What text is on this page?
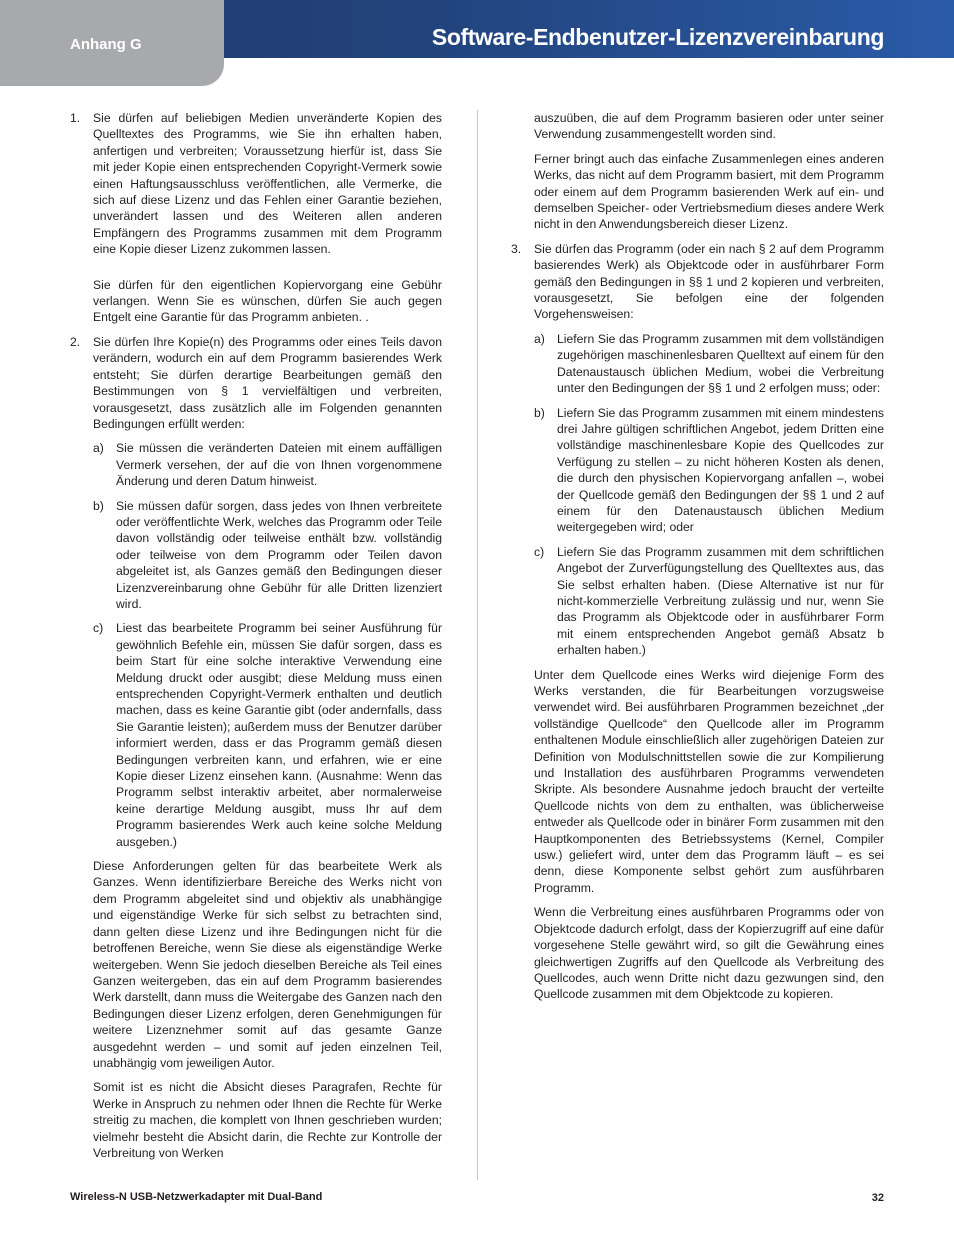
Software-Endbenutzer-Lizenzvereinbarung
Anhang G
1. Sie dürfen auf beliebigen Medien unveränderte Kopien des Quelltextes des Programms, wie Sie ihn erhalten haben, anfertigen und verbreiten; Voraussetzung hierfür ist, dass Sie mit jeder Kopie einen entsprechenden Copyright-Vermerk sowie einen Haftungsausschluss veröffentlichen, alle Vermerke, die sich auf diese Lizenz und das Fehlen einer Garantie beziehen, unverändert lassen und des Weiteren allen anderen Empfängern des Programms zusammen mit dem Programm eine Kopie dieser Lizenz zukommen lassen.

Sie dürfen für den eigentlichen Kopiervorgang eine Gebühr verlangen. Wenn Sie es wünschen, dürfen Sie auch gegen Entgelt eine Garantie für das Programm anbieten. .

2. Sie dürfen Ihre Kopie(n) des Programms oder eines Teils davon verändern, wodurch ein auf dem Programm basierendes Werk entsteht; Sie dürfen derartige Bearbeitungen gemäß den Bestimmungen von § 1 vervielfältigen und verbreiten, vorausgesetzt, dass zusätzlich alle im Folgenden genannten Bedingungen erfüllt werden:

a) Sie müssen die veränderten Dateien mit einem auffälligen Vermerk versehen, der auf die von Ihnen vorgenommene Änderung und deren Datum hinweist.
b) Sie müssen dafür sorgen, dass jedes von Ihnen verbreitete oder veröffentlichte Werk, welches das Programm oder Teile davon vollständig oder teilweise enthält bzw. vollständig oder teilweise von dem Programm oder Teilen davon abgeleitet ist, als Ganzes gemäß den Bedingungen dieser Lizenzvereinbarung ohne Gebühr für alle Dritten lizenziert wird.
c) Liest das bearbeitete Programm bei seiner Ausführung für gewöhnlich Befehle ein, müssen Sie dafür sorgen, dass es beim Start für eine solche interaktive Verwendung eine Meldung druckt oder ausgibt; diese Meldung muss einen entsprechenden Copyright-Vermerk enthalten und deutlich machen, dass es keine Garantie gibt (oder andernfalls, dass Sie Garantie leisten); außerdem muss der Benutzer darüber informiert werden, dass er das Programm gemäß diesen Bedingungen verbreiten kann, und erfahren, wie er eine Kopie dieser Lizenz einsehen kann. (Ausnahme: Wenn das Programm selbst interaktiv arbeitet, aber normalerweise keine derartige Meldung ausgibt, muss Ihr auf dem Programm basierendes Werk auch keine solche Meldung ausgeben.)

Diese Anforderungen gelten für das bearbeitete Werk als Ganzes. Wenn identifizierbare Bereiche des Werks nicht von dem Programm abgeleitet sind und objektiv als unabhängige und eigenständige Werke für sich selbst zu betrachten sind, dann gelten diese Lizenz und ihre Bedingungen nicht für die betroffenen Bereiche, wenn Sie diese als eigenständige Werke weitergeben. Wenn Sie jedoch dieselben Bereiche als Teil eines Ganzen weitergeben, das ein auf dem Programm basierendes Werk darstellt, dann muss die Weitergabe des Ganzen nach den Bedingungen dieser Lizenz erfolgen, deren Genehmigungen für weitere Lizenznehmer somit auf das gesamte Ganze ausgedehnt werden – und somit auf jeden einzelnen Teil, unabhängig vom jeweiligen Autor.

Somit ist es nicht die Absicht dieses Paragrafen, Rechte für Werke in Anspruch zu nehmen oder Ihnen die Rechte für Werke streitig zu machen, die komplett von Ihnen geschrieben wurden; vielmehr besteht die Absicht darin, die Rechte zur Kontrolle der Verbreitung von Werken

auszuüben, die auf dem Programm basieren oder unter seiner Verwendung zusammengestellt worden sind.

Ferner bringt auch das einfache Zusammenlegen eines anderen Werks, das nicht auf dem Programm basiert, mit dem Programm oder einem auf dem Programm basierenden Werk auf ein- und demselben Speicher- oder Vertriebsmedium dieses andere Werk nicht in den Anwendungsbereich dieser Lizenz.

3. Sie dürfen das Programm (oder ein nach § 2 auf dem Programm basierendes Werk) als Objektcode oder in ausführbarer Form gemäß den Bedingungen in §§ 1 und 2 kopieren und verbreiten, vorausgesetzt, Sie befolgen eine der folgenden Vorgehensweisen:

a) Liefern Sie das Programm zusammen mit dem vollständigen zugehörigen maschinenlesbaren Quelltext auf einem für den Datenaustausch üblichen Medium, wobei die Verbreitung unter den Bedingungen der §§ 1 und 2 erfolgen muss; oder:
b) Liefern Sie das Programm zusammen mit einem mindestens drei Jahre gültigen schriftlichen Angebot, jedem Dritten eine vollständige maschinenlesbare Kopie des Quellcodes zur Verfügung zu stellen – zu nicht höheren Kosten als denen, die durch den physischen Kopiervorgang anfallen –, wobei der Quellcode gemäß den Bedingungen der §§ 1 und 2 auf einem für den Datenaustausch üblichen Medium weitergegeben wird; oder
c) Liefern Sie das Programm zusammen mit dem schriftlichen Angebot der Zurverfügungstellung des Quelltextes aus, das Sie selbst erhalten haben. (Diese Alternative ist nur für nicht-kommerzielle Verbreitung zulässig und nur, wenn Sie das Programm als Objektcode oder in ausführbarer Form mit einem entsprechenden Angebot gemäß Absatz b erhalten haben.)

Unter dem Quellcode eines Werks wird diejenige Form des Werks verstanden, die für Bearbeitungen vorzugsweise verwendet wird. Bei ausführbaren Programmen bezeichnet „der vollständige Quellcode“ den Quellcode aller im Programm enthaltenen Module einschließlich aller zugehörigen Dateien zur Definition von Modulschnittstellen sowie die zur Kompilierung und Installation des ausführbaren Programms verwendeten Skripte. Als besondere Ausnahme jedoch braucht der verteilte Quellcode nichts von dem zu enthalten, was üblicherweise entweder als Quellcode oder in binärer Form zusammen mit den Hauptkomponenten des Betriebssystems (Kernel, Compiler usw.) geliefert wird, unter dem das Programm läuft – es sei denn, diese Komponente selbst gehört zum ausführbaren Programm.

Wenn die Verbreitung eines ausführbaren Programms oder von Objektcode dadurch erfolgt, dass der Kopierzugriff auf eine dafür vorgesehene Stelle gewährt wird, so gilt die Gewährung eines gleichwertigen Zugriffs auf den Quellcode als Verbreitung des Quellcodes, auch wenn Dritte nicht dazu gezwungen sind, den Quellcode zusammen mit dem Objektcode zu kopieren.

Wireless-N USB-Netzwerkadapter mit Dual-Band	32
